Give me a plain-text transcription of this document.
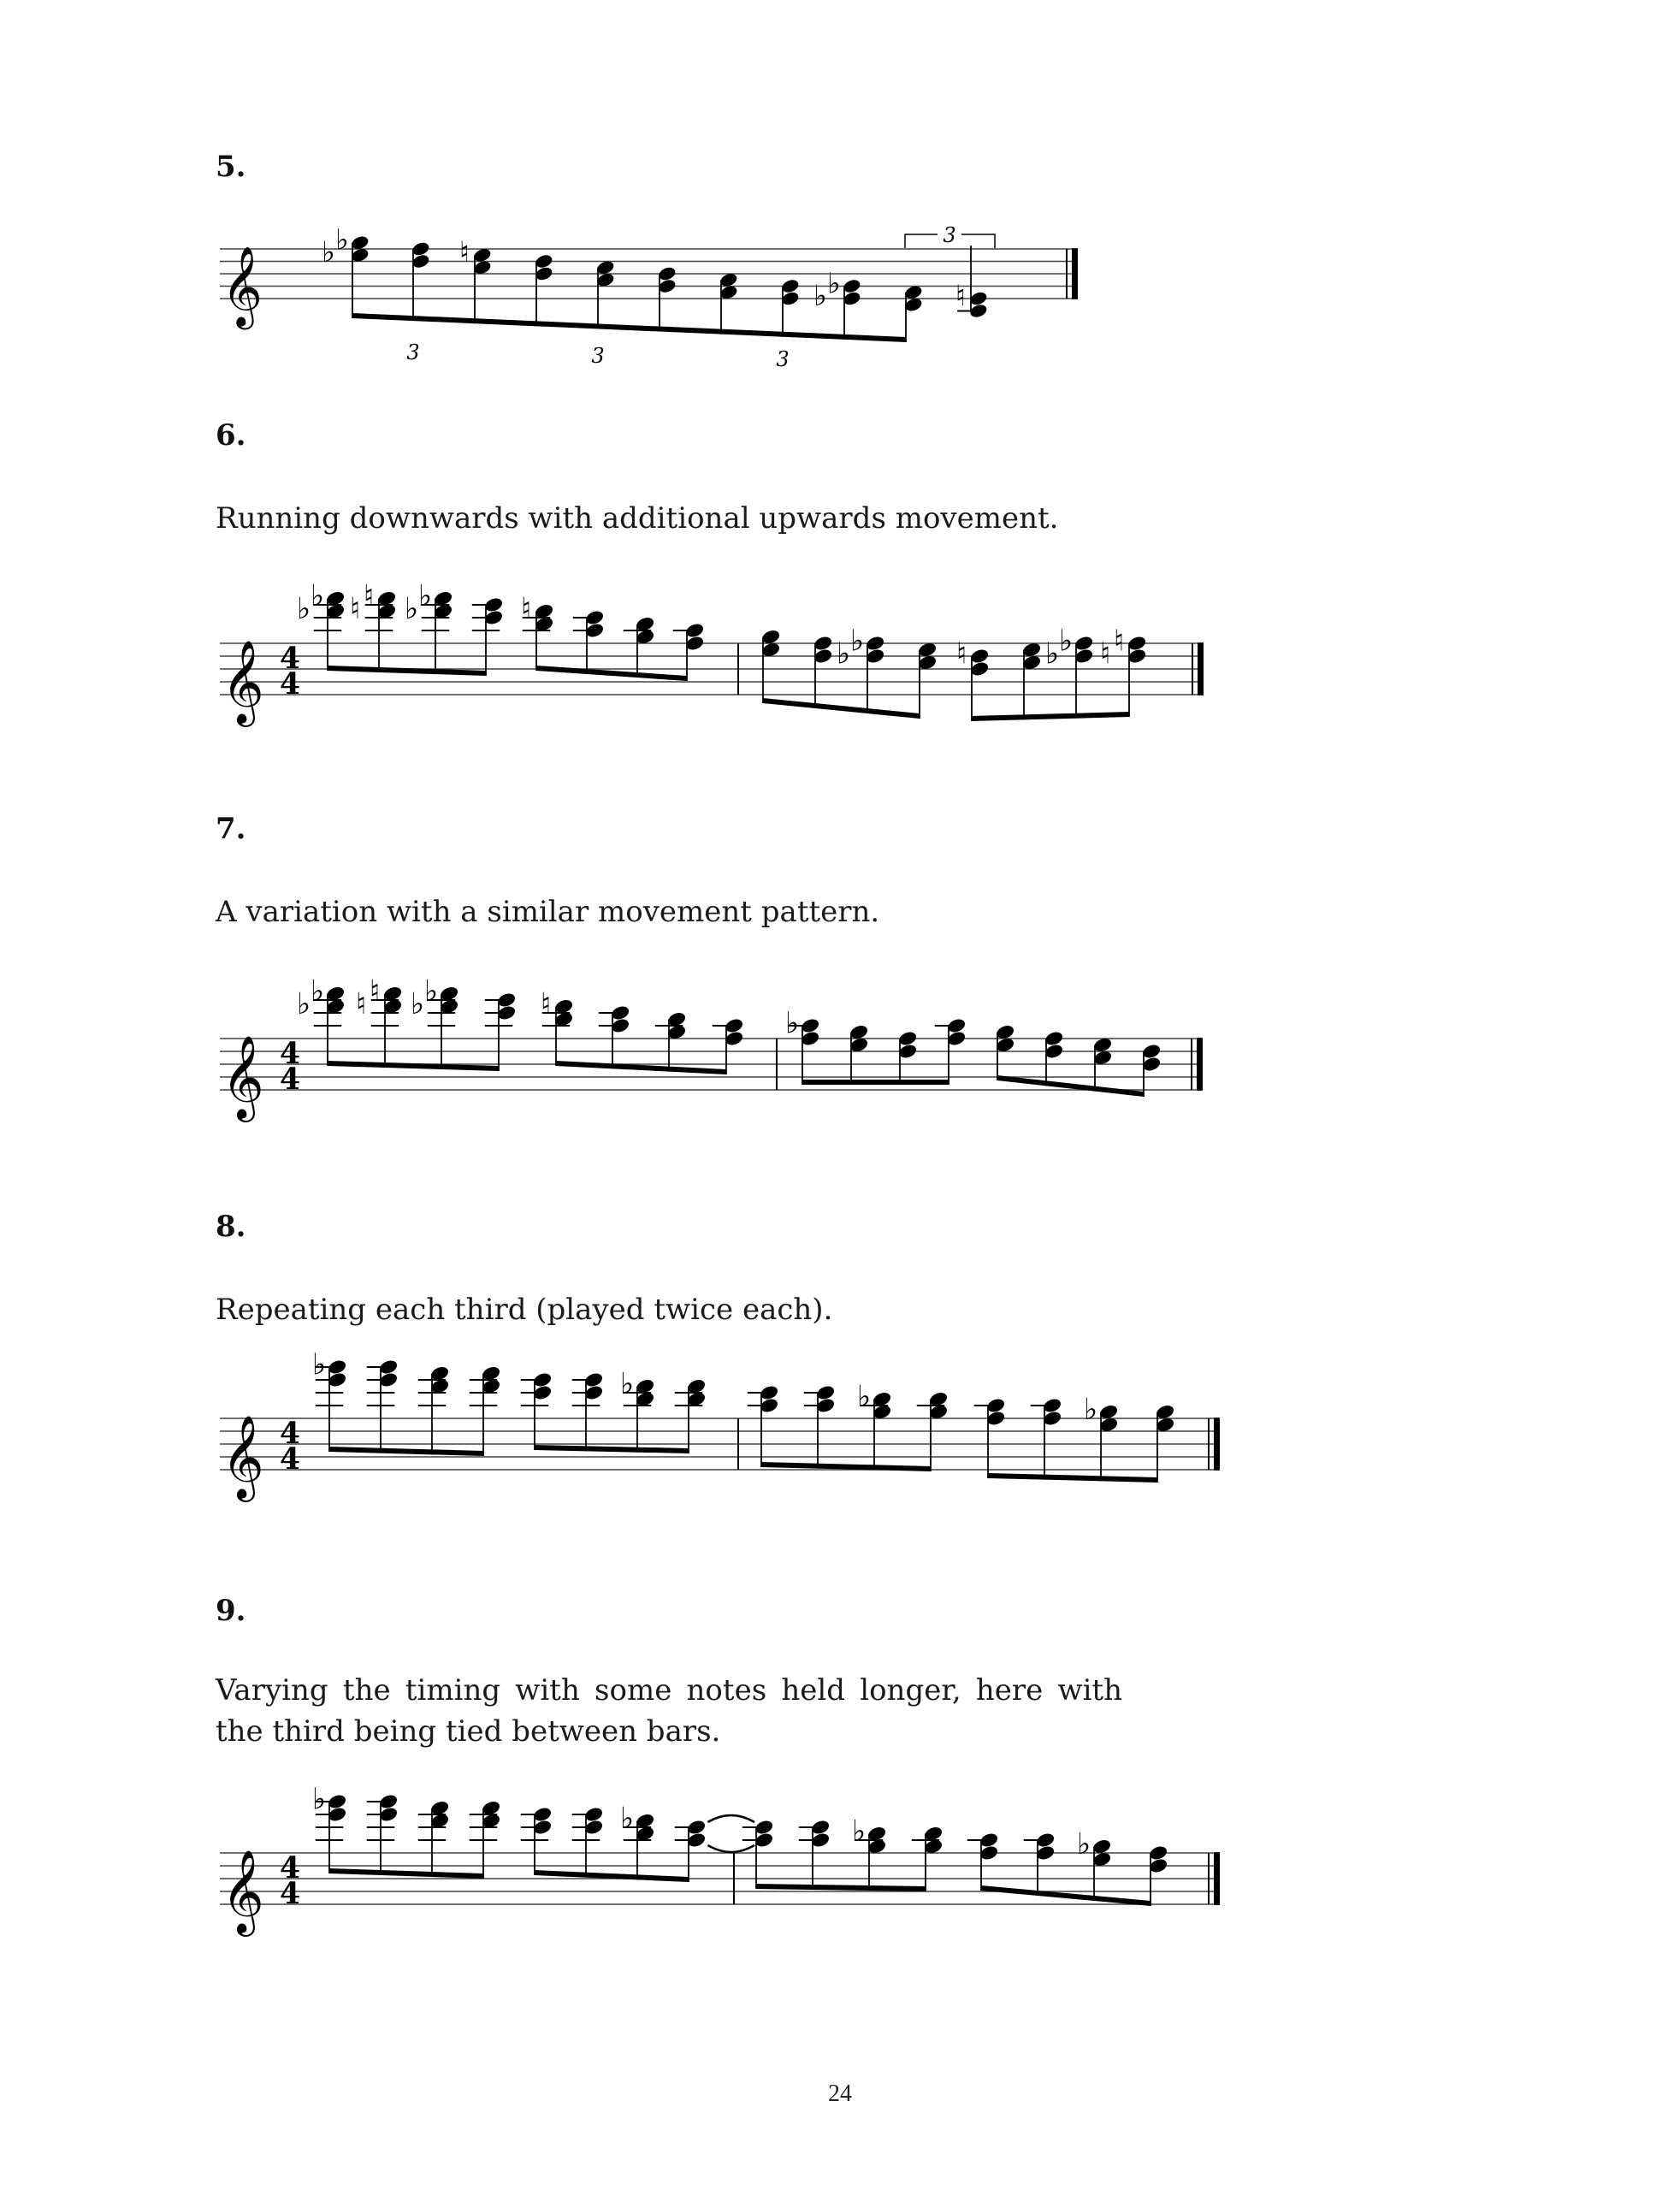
5.
𝄞 ♭ ♭	♮
♭ ♭	♮
3	3	3
3
6.
Running downwards with additional upwards movement.
𝄞 4
4
♭ ♭ ♮ ♮ ♭ ♭	♮
♭ ♭	♮	♭ ♭ ♮ ♮
7.
A variation with a similar movement pattern.
𝄞 4
4
♭ ♭ ♮ ♮ ♭ ♭	♮
♭
8.
Repeating each third (played twice each).
𝄞 4
4
♭
♭	♭	♭
9.
Varying the timing with some notes held longer, here with the third being tied between bars.
𝄞 4
4
♭
♭	♭	♭
24
